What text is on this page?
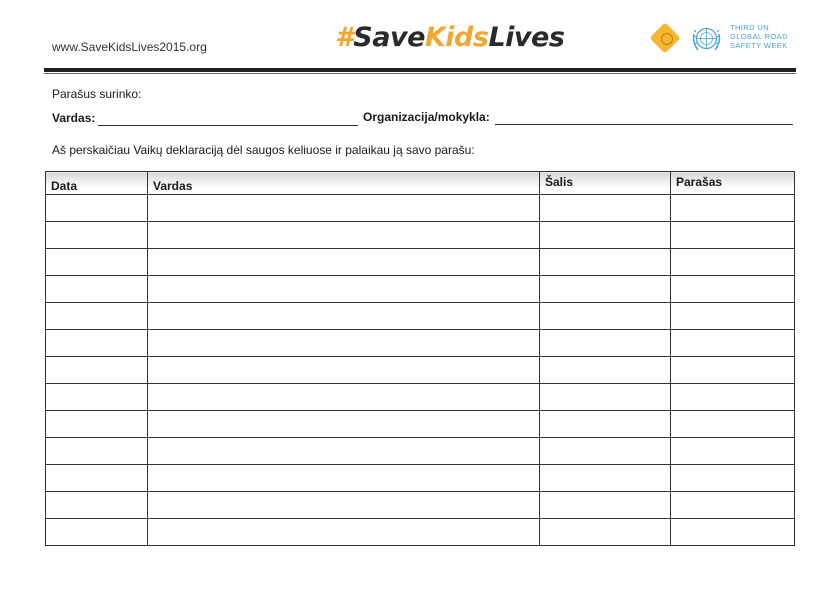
www.SaveKidsLives2015.org	#SaveKidsLives	THIRD UN
GLOBAL ROAD
SAFETY WEEK
Parašus surinko:
Vardas:	Organizacija/mokykla:
Aš perskaičiau Vaikų deklaraciją dėl saugos keliuose ir palaikau ją savo parašu:
Data	Vardas	Šalis	Parašas
